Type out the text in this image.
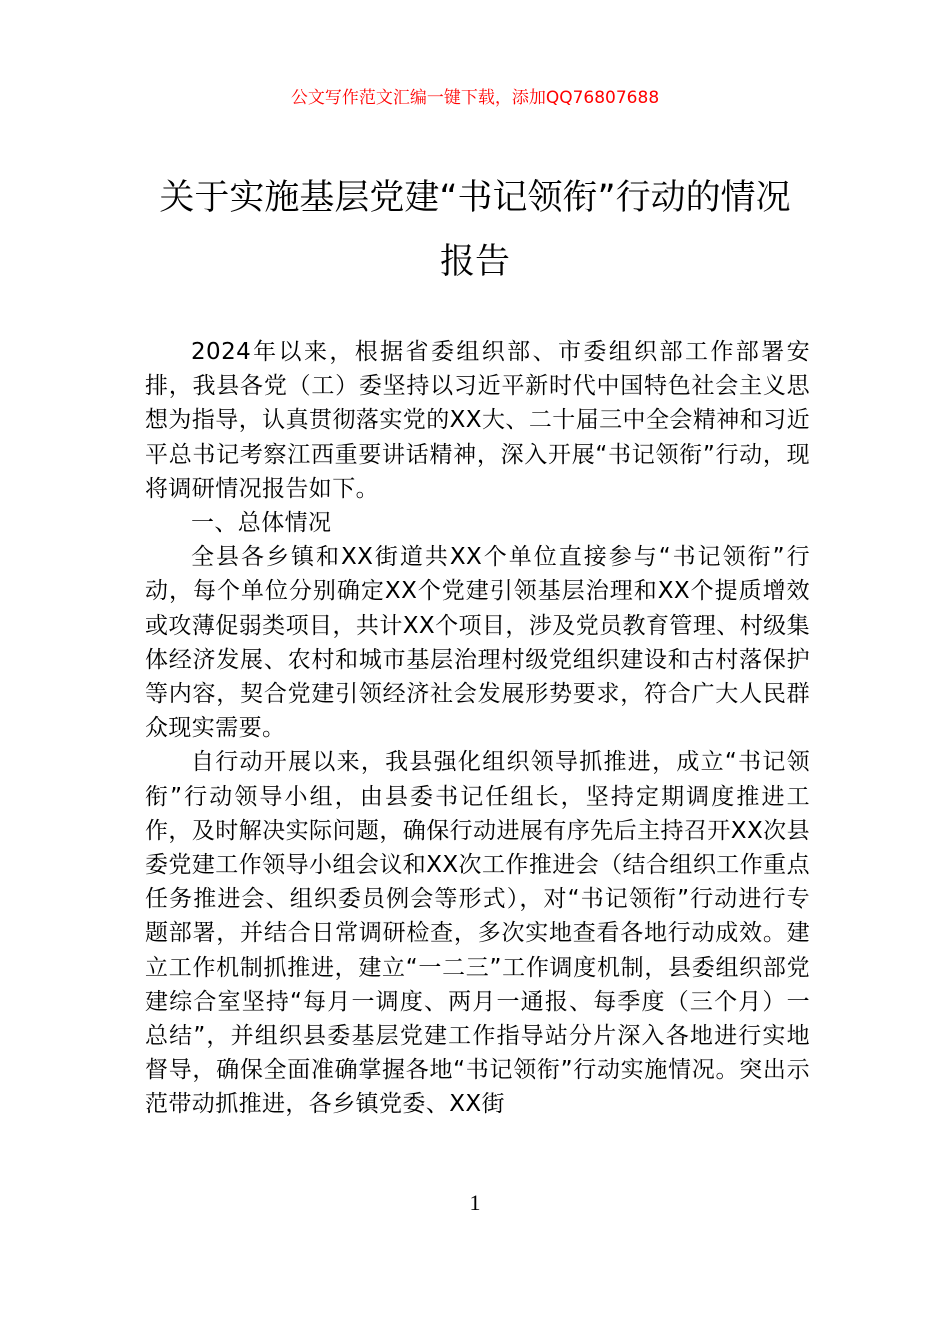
公文写作范文汇编一键下载，添加QQ76807688
关于实施基层党建“书记领衔”行动的情况报告

2024年以来，根据省委组织部、市委组织部工作部署安排，我县各党（工）委坚持以习近平新时代中国特色社会主义思想为指导，认真贯彻落实党的XX大、二十届三中全会精神和习近平总书记考察江西重要讲话精神，深入开展“书记领衔”行动，现将调研情况报告如下。

一、总体情况

全县各乡镇和XX街道共XX个单位直接参与“书记领衔”行动，每个单位分别确定XX个党建引领基层治理和XX个提质增效或攻薄促弱类项目，共计XX个项目，涉及党员教育管理、村级集体经济发展、农村和城市基层治理村级党组织建设和古村落保护等内容，契合党建引领经济社会发展形势要求，符合广大人民群众现实需要。

自行动开展以来，我县强化组织领导抓推进，成立“书记领衔”行动领导小组，由县委书记任组长，坚持定期调度推进工作，及时解决实际问题，确保行动进展有序先后主持召开XX次县委党建工作领导小组会议和XX次工作推进会（结合组织工作重点任务推进会、组织委员例会等形式），对“书记领衔”行动进行专题部署，并结合日常调研检查，多次实地查看各地行动成效。建立工作机制抓推进，建立“一二三”工作调度机制，县委组织部党建综合室坚持“每月一调度、两月一通报、每季度（三个月）一总结”，并组织县委基层党建工作指导站分片深入各地进行实地督导，确保全面准确掌握各地“书记领衔”行动实施情况。突出示范带动抓推进，各乡镇党委、XX街

1
